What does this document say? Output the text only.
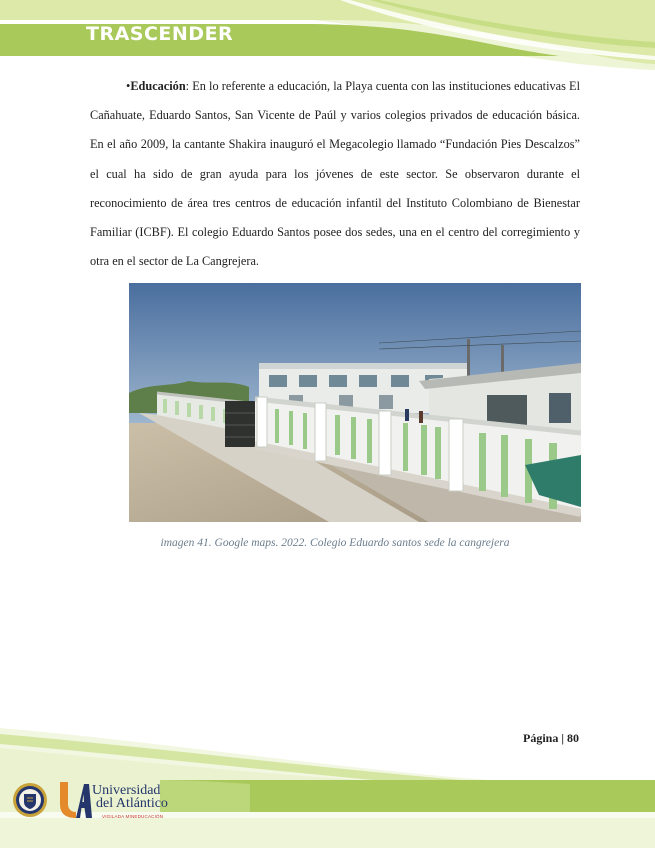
TRASCENDER
•Educación: En lo referente a educación, la Playa cuenta con las instituciones educativas El Cañahuate, Eduardo Santos, San Vicente de Paúl y varios colegios privados de educación básica. En el año 2009, la cantante Shakira inauguró el Megacolegio llamado “Fundación Pies Descalzos” el cual ha sido de gran ayuda para los jóvenes de este sector. Se observaron durante el reconocimiento de área tres centros de educación infantil del Instituto Colombiano de Bienestar Familiar (ICBF). El colegio Eduardo Santos posee dos sedes, una en el centro del corregimiento y otra en el sector de La Cangrejera.
imagen 41. Google maps. 2022. Colegio Eduardo santos sede la cangrejera
Página | 80
Universidad
del Atlántico
VIGILADA MINEDUCACIÓN
